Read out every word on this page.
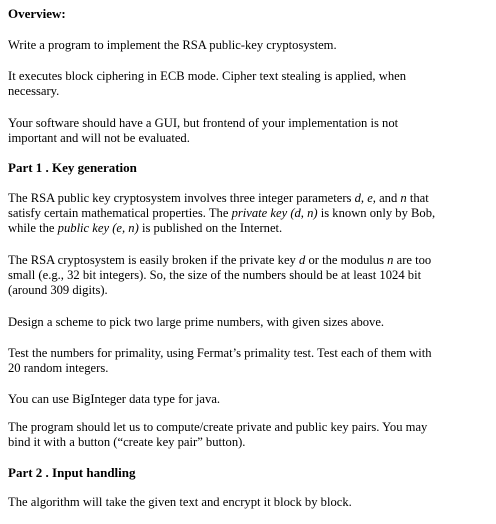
Overview:
Write a program to implement the RSA public-key cryptosystem.
It executes block ciphering in ECB mode. Cipher text stealing is applied, when
necessary.
Your software should have a GUI, but frontend of your implementation is not
important and will not be evaluated.
Part 1 . Key generation
The RSA public key cryptosystem involves three integer parameters d, e, and n that
satisfy certain mathematical properties. The private key (d, n) is known only by Bob,
while the public key (e, n) is published on the Internet.
The RSA cryptosystem is easily broken if the private key d or the modulus n are too
small (e.g., 32 bit integers). So, the size of the numbers should be at least 1024 bit
(around 309 digits).
Design a scheme to pick two large prime numbers, with given sizes above.
Test the numbers for primality, using Fermat’s primality test. Test each of them with
20 random integers.
You can use BigInteger data type for java.
The program should let us to compute/create private and public key pairs. You may
bind it with a button (“create key pair” button).
Part 2 . Input handling
The algorithm will take the given text and encrypt it block by block.
